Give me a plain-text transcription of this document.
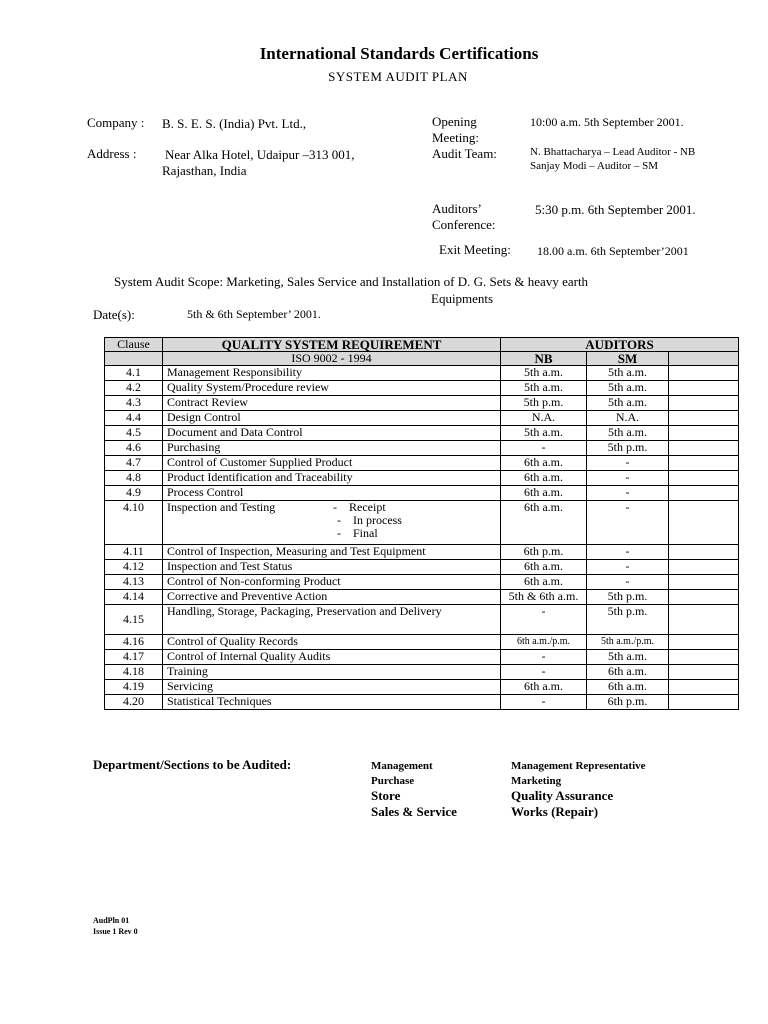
International Standards Certifications
SYSTEM AUDIT PLAN
Company : B. S. E. S. (India) Pvt. Ltd.,
Address : Near Alka Hotel, Udaipur –313 001,
Rajasthan, India
Opening
Meeting:
10:00 a.m. 5th September 2001.
Audit Team:	N. Bhattacharya – Lead Auditor - NB
Sanjay Modi – Auditor – SM
Auditors’
Conference:
5:30 p.m. 6th September 2001.
Exit Meeting: 18.00 a.m. 6th September’2001
System Audit Scope: Marketing, Sales Service and Installation of D. G. Sets & heavy earth
Equipments
Date(s):	5th & 6th September’ 2001.
Clause	QUALITY SYSTEM REQUIREMENT	AUDITORS		
	ISO 9002 - 1994	NB	SM	
4.1	Management Responsibility	5th a.m.	5th a.m.	
4.2	Quality System/Procedure review	5th a.m.	5th a.m.	
4.3	Contract Review	5th p.m.	5th a.m.	
4.4	Design Control	N.A.	N.A.	
4.5	Document and Data Control	5th a.m.	5th a.m.	
4.6	Purchasing	-	5th p.m.	
4.7	Control of Customer Supplied Product	6th a.m.	-	
4.8	Product Identification and Traceability	6th a.m.	-	
4.9	Process Control	6th a.m.	-	
4.10	Inspection and Testing -    Receipt
-    In process
-    Final	6th a.m.	-	
4.11	Control of Inspection, Measuring and Test Equipment	6th p.m.	-	
4.12	Inspection and Test Status	6th a.m.	-	
4.13	Control of Non-conforming Product	6th a.m.	-	
4.14	Corrective and Preventive Action	5th & 6th a.m.	5th p.m.	
4.15	Handling, Storage, Packaging, Preservation and Delivery	-	5th p.m.	
4.16	Control of Quality Records	6th a.m./p.m.	5th a.m./p.m.	
4.17	Control of Internal Quality Audits	-	5th a.m.	
4.18	Training	-	6th a.m.	
4.19	Servicing	6th a.m.	6th a.m.	
4.20	Statistical Techniques	-	6th p.m.	
Department/Sections to be Audited:	Management
Purchase
Store
Sales & Service
Management Representative
Marketing
Quality Assurance
Works (Repair)
AudPln 01
Issue 1 Rev 0
